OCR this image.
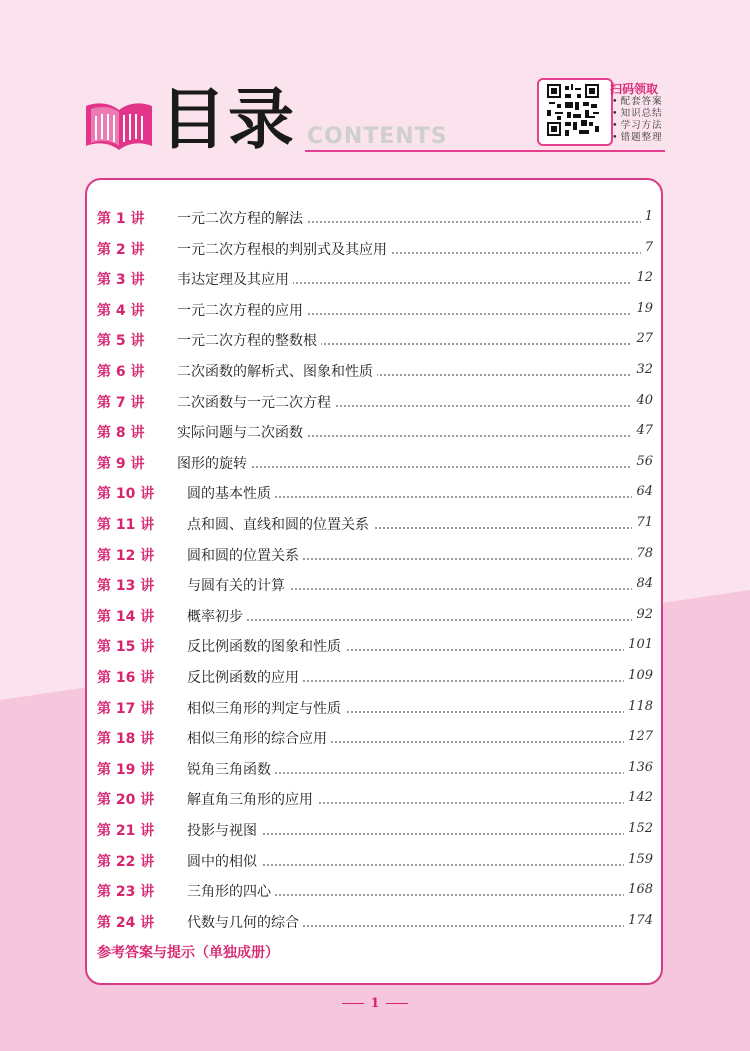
目录 CONTENTS
扫码领取
• 配套答案
• 知识总结
• 学习方法
• 错题整理
第 1 讲 一元二次方程的解法	1
第 2 讲 一元二次方程根的判别式及其应用	7
第 3 讲 韦达定理及其应用	12
第 4 讲 一元二次方程的应用	19
第 5 讲 一元二次方程的整数根	27
第 6 讲 二次函数的解析式、图象和性质	32
第 7 讲 二次函数与一元二次方程	40
第 8 讲 实际问题与二次函数	47
第 9 讲 图形的旋转	56
第 10 讲 圆的基本性质	64
第 11 讲 点和圆、直线和圆的位置关系	71
第 12 讲 圆和圆的位置关系	78
第 13 讲 与圆有关的计算	84
第 14 讲 概率初步	92
第 15 讲 反比例函数的图象和性质	101
第 16 讲 反比例函数的应用	109
第 17 讲 相似三角形的判定与性质	118
第 18 讲 相似三角形的综合应用	127
第 19 讲 锐角三角函数	136
第 20 讲 解直角三角形的应用	142
第 21 讲 投影与视图	152
第 22 讲 圆中的相似	159
第 23 讲 三角形的四心	168
第 24 讲 代数与几何的综合	174
参考答案与提示（单独成册）
1
